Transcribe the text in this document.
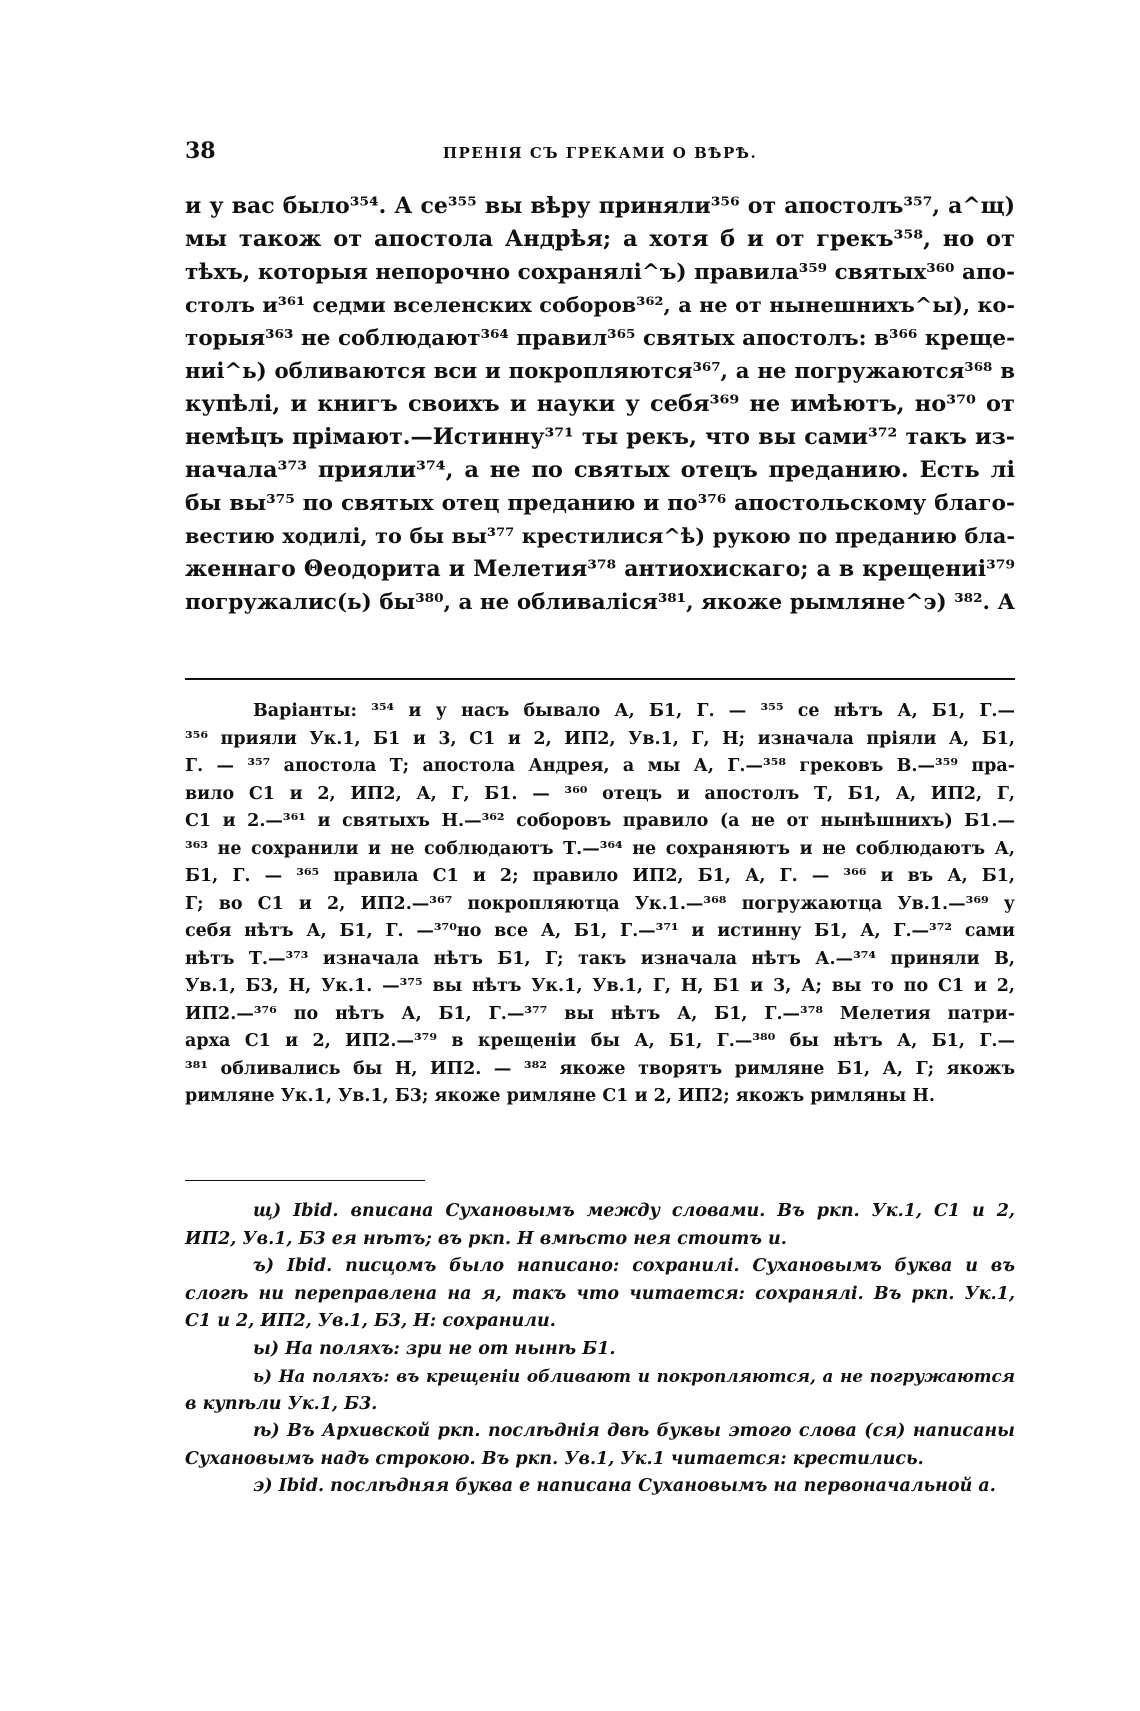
38	ПРЕНІЯ СЪ ГРЕКАМИ О ВѢРѢ.
и у вас было³⁵⁴. А се³⁵⁵ вы вѣру приняли³⁵⁶ от апостолъ³⁵⁷, а^щ)
мы також от апостола Андрѣя; а хотя б и от грекъ³⁵⁸, но от
тѣхъ, которыя непорочно сохранялі^ъ) правила³⁵⁹ святых³⁶⁰ апо-
столъ и³⁶¹ седми вселенских соборов³⁶², а не от нынешнихъ^ы), ко-
торыя³⁶³ не соблюдают³⁶⁴ правил³⁶⁵ святых апостолъ: в³⁶⁶ креще-
ниі^ь) обливаются вси и покропляются³⁶⁷, а не погружаются³⁶⁸ в
купѣлі, и книгъ своихъ и науки у себя³⁶⁹ не имѣютъ, но³⁷⁰ от
немѣцъ прімают.—Истинну³⁷¹ ты рекъ, что вы сами³⁷² такъ из-
начала³⁷³ прияли³⁷⁴, а не по святых отецъ преданию. Есть лі
бы вы³⁷⁵ по святых отец преданию и по³⁷⁶ апостольскому благо-
вестию ходилі, то бы вы³⁷⁷ крестилися^ѣ) рукою по преданию бла-
женнаго Θеодорита и Мелетия³⁷⁸ антиохискаго; а в крещениі³⁷⁹
погружалис(ь) бы³⁸⁰, а не обливаліся³⁸¹, якоже рымляне^э) ³⁸². А
Варіанты: ³⁵⁴ и у насъ бывало А, Б1, Г. — ³⁵⁵ се нѣтъ А, Б1, Г.—
³⁵⁶ прияли Ук.1, Б1 и 3, С1 и 2, ИП2, Ув.1, Г, Н; изначала пріяли А, Б1,
Г. — ³⁵⁷ апостола Т; апостола Андрея, а мы А, Г.—³⁵⁸ грековъ В.—³⁵⁹ пра-
вило С1 и 2, ИП2, А, Г, Б1. — ³⁶⁰ отецъ и апостолъ Т, Б1, А, ИП2, Г,
С1 и 2.—³⁶¹ и святыхъ Н.—³⁶² соборовъ правило (а не от нынѣшнихъ) Б1.—
³⁶³ не сохранили и не соблюдаютъ Т.—³⁶⁴ не сохраняютъ и не соблюдаютъ А,
Б1, Г. — ³⁶⁵ правила С1 и 2; правило ИП2, Б1, А, Г. — ³⁶⁶ и въ А, Б1,
Г; во С1 и 2, ИП2.—³⁶⁷ покропляютца Ук.1.—³⁶⁸ погружаютца Ув.1.—³⁶⁹ у
себя нѣтъ А, Б1, Г. —³⁷⁰но все А, Б1, Г.—³⁷¹ и истинну Б1, А, Г.—³⁷² сами
нѣтъ Т.—³⁷³ изначала нѣтъ Б1, Г; такъ изначала нѣтъ А.—³⁷⁴ приняли В,
Ув.1, Б3, Н, Ук.1. —³⁷⁵ вы нѣтъ Ук.1, Ув.1, Г, Н, Б1 и 3, А; вы то по С1 и 2,
ИП2.—³⁷⁶ по нѣтъ А, Б1, Г.—³⁷⁷ вы нѣтъ А, Б1, Г.—³⁷⁸ Мелетия патри-
арха С1 и 2, ИП2.—³⁷⁹ в крещеніи бы А, Б1, Г.—³⁸⁰ бы нѣтъ А, Б1, Г.—
³⁸¹ обливались бы Н, ИП2. — ³⁸² якоже творятъ римляне Б1, А, Г; якожъ
римляне Ук.1, Ув.1, Б3; якоже римляне С1 и 2, ИП2; якожъ римляны Н.
щ) Ibid. вписана Сухановымъ между словами. Въ ркп. Ук.1, С1 и 2,
ИП2, Ув.1, Б3 ея нѣтъ; въ ркп. Н вмѣсто нея стоитъ и.
ъ) Ibid. писцомъ было написано: сохранилі. Сухановымъ буква и въ
слогѣ ни переправлена на я, такъ что читается: сохранялі. Въ ркп. Ук.1,
С1 и 2, ИП2, Ув.1, Б3, Н: сохранили.
ы) На поляхъ: зри не от нынѣ Б1.
ь) На поляхъ: въ крещеніи обливают и покропляются, а не погружаются
в купѣли Ук.1, Б3.
ѣ) Въ Архивской ркп. послѣднія двѣ буквы этого слова (ся) написаны
Сухановымъ надъ строкою. Въ ркп. Ув.1, Ук.1 читается: крестились.
э) Ibid. послѣдняя буква е написана Сухановымъ на первоначальной а.
